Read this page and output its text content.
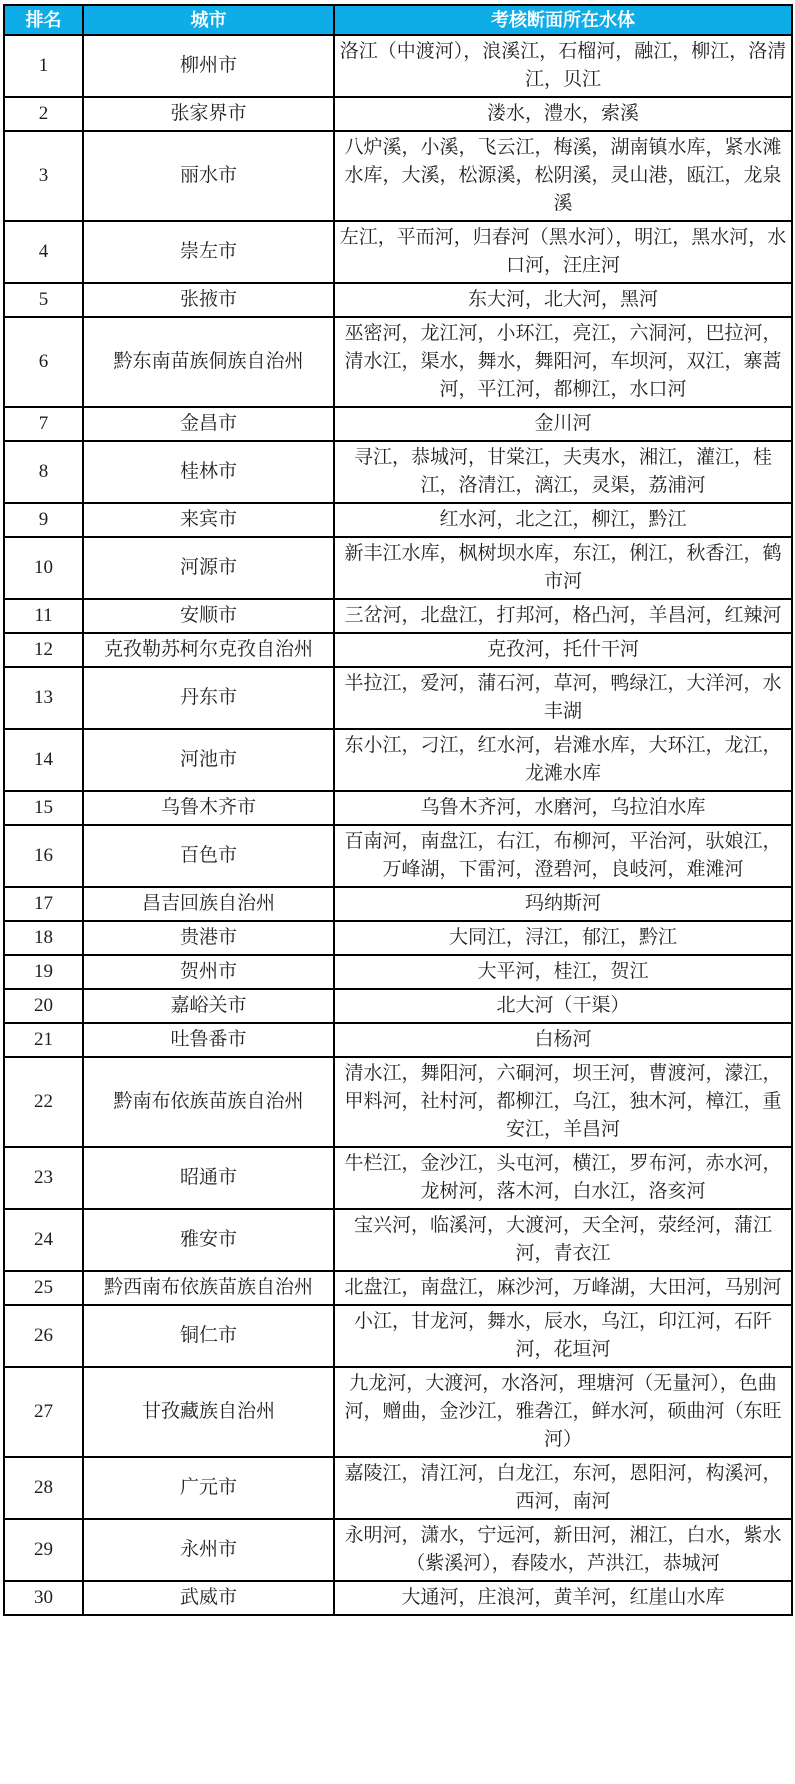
排名	城市	考核断面所在水体
1	柳州市	洛江（中渡河），浪溪江，石榴河，融江，柳江，洛清江，贝江
2	张家界市	溇水，澧水，索溪
3	丽水市	八炉溪，小溪，飞云江，梅溪，湖南镇水库，紧水滩水库，大溪，松源溪，松阴溪，灵山港，瓯江，龙泉溪
4	崇左市	左江，平而河，归春河（黑水河），明江，黑水河，水口河，汪庄河
5	张掖市	东大河，北大河，黑河
6	黔东南苗族侗族自治州	巫密河，龙江河，小环江，亮江，六洞河，巴拉河，清水江，渠水，舞水，舞阳河，车坝河，双江，寨蒿河，平江河，都柳江，水口河
7	金昌市	金川河
8	桂林市	寻江，恭城河，甘棠江，夫夷水，湘江，灌江，桂江，洛清江，漓江，灵渠，荔浦河
9	来宾市	红水河，北之江，柳江，黔江
10	河源市	新丰江水库，枫树坝水库，东江，俐江，秋香江，鹤市河
11	安顺市	三岔河，北盘江，打邦河，格凸河，羊昌河，红辣河
12	克孜勒苏柯尔克孜自治州	克孜河，托什干河
13	丹东市	半拉江，爱河，蒲石河，草河，鸭绿江，大洋河，水丰湖
14	河池市	东小江，刁江，红水河，岩滩水库，大环江，龙江，龙滩水库
15	乌鲁木齐市	乌鲁木齐河，水磨河，乌拉泊水库
16	百色市	百南河，南盘江，右江，布柳河，平治河，驮娘江，万峰湖，下雷河，澄碧河，良岐河，难滩河
17	昌吉回族自治州	玛纳斯河
18	贵港市	大同江，浔江，郁江，黔江
19	贺州市	大平河，桂江，贺江
20	嘉峪关市	北大河（干渠）
21	吐鲁番市	白杨河
22	黔南布依族苗族自治州	清水江，舞阳河，六硐河，坝王河，曹渡河，濛江，甲料河，社村河，都柳江，乌江，独木河，樟江，重安江，羊昌河
23	昭通市	牛栏江，金沙江，头屯河，横江，罗布河，赤水河，龙树河，落木河，白水江，洛亥河
24	雅安市	宝兴河，临溪河，大渡河，天全河，荥经河，蒲江河，青衣江
25	黔西南布依族苗族自治州	北盘江，南盘江，麻沙河，万峰湖，大田河，马别河
26	铜仁市	小江，甘龙河，舞水，辰水，乌江，印江河，石阡河，花垣河
27	甘孜藏族自治州	九龙河，大渡河，水洛河，理塘河（无量河），色曲河，赠曲，金沙江，雅砻江，鲜水河，硕曲河（东旺河）
28	广元市	嘉陵江，清江河，白龙江，东河，恩阳河，构溪河，西河，南河
29	永州市	永明河，潇水，宁远河，新田河，湘江，白水，紫水（紫溪河），舂陵水，芦洪江，恭城河
30	武威市	大通河，庄浪河，黄羊河，红崖山水库
